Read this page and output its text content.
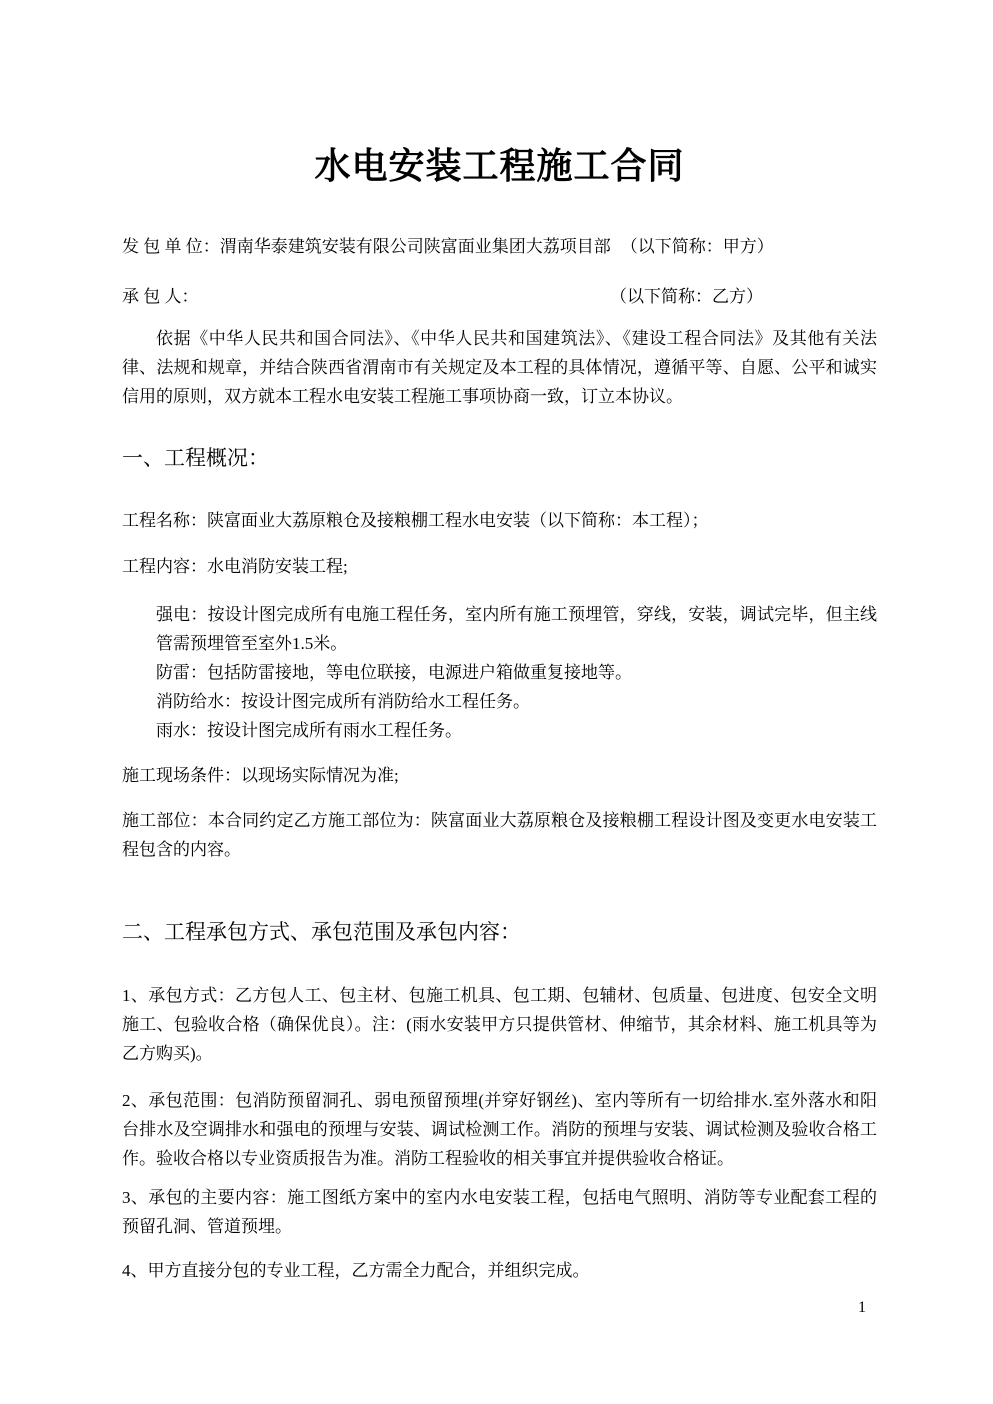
水电安装工程施工合同

发 包 单 位：渭南华泰建筑安装有限公司陕富面业集团大荔项目部 （以下简称：甲方）

承 包 人：	（以下简称：乙方）

依据《中华人民共和国合同法》、《中华人民共和国建筑法》、《建设工程合同法》及其他有关法律、法规和规章，并结合陕西省渭南市有关规定及本工程的具体情况，遵循平等、自愿、公平和诚实信用的原则，双方就本工程水电安装工程施工事项协商一致，订立本协议。

一、工程概况：

工程名称：陕富面业大荔原粮仓及接粮棚工程水电安装（以下简称：本工程）；

工程内容：水电消防安装工程;

强电：按设计图完成所有电施工程任务，室内所有施工预埋管，穿线，安装，调试完毕，但主线管需预埋管至室外1.5米。

防雷：包括防雷接地，等电位联接，电源进户箱做重复接地等。

消防给水：按设计图完成所有消防给水工程任务。

雨水：按设计图完成所有雨水工程任务。

施工现场条件：以现场实际情况为准;

施工部位：本合同约定乙方施工部位为：陕富面业大荔原粮仓及接粮棚工程设计图及变更水电安装工程包含的内容。

二、工程承包方式、承包范围及承包内容：

1、承包方式：乙方包人工、包主材、包施工机具、包工期、包辅材、包质量、包进度、包安全文明施工、包验收合格（确保优良）。注：(雨水安装甲方只提供管材、伸缩节，其余材料、施工机具等为乙方购买)。

2、承包范围：包消防预留洞孔、弱电预留预埋(并穿好钢丝)、室内等所有一切给排水.室外落水和阳台排水及空调排水和强电的预埋与安装、调试检测工作。消防的预埋与安装、调试检测及验收合格工作。验收合格以专业资质报告为准。消防工程验收的相关事宜并提供验收合格证。

3、承包的主要内容：施工图纸方案中的室内水电安装工程，包括电气照明、消防等专业配套工程的预留孔洞、管道预埋。

4、甲方直接分包的专业工程，乙方需全力配合，并组织完成。

1
